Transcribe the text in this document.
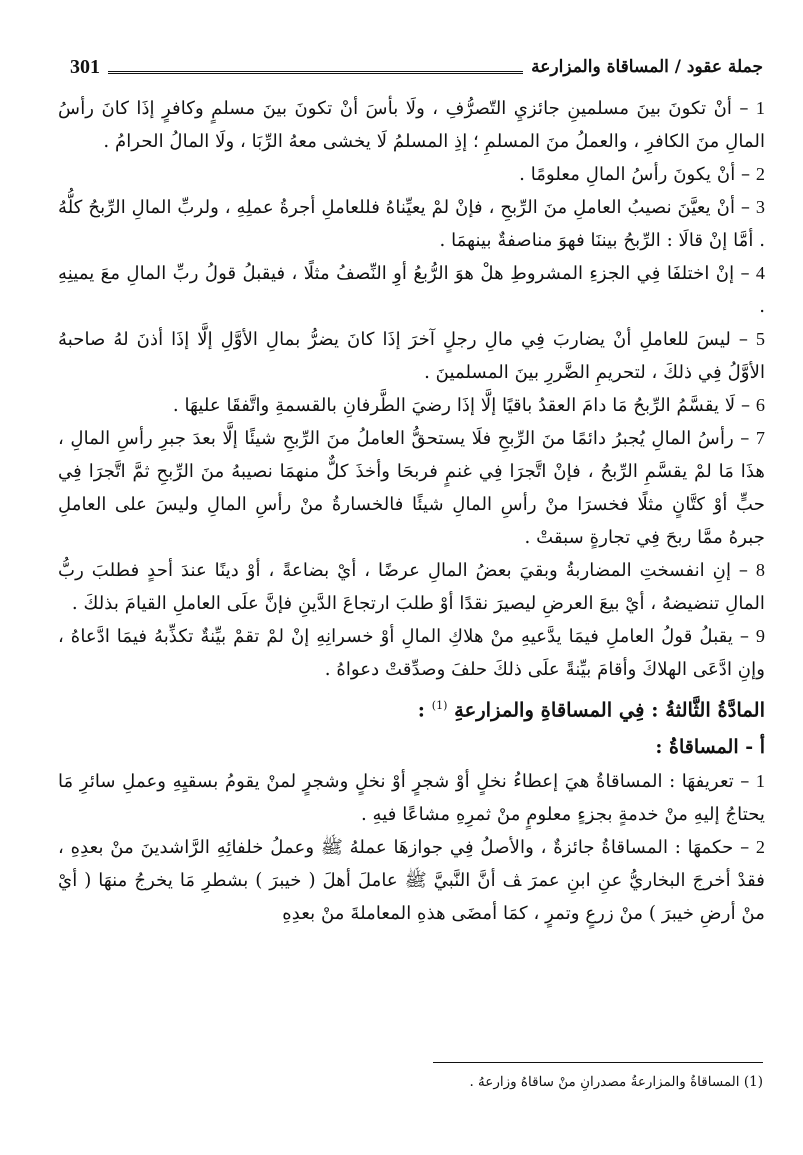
جملة عقود / المساقاة والمزارعة
301

1 – أنْ تكونَ بينَ مسلمينِ جائزيِ التّصرُّفِ ، ولَا بأسَ أنْ تكونَ بينَ مسلمٍ وكافرٍ إذَا كانَ رأسُ المالِ منَ الكافرِ ، والعملُ منَ المسلمِ ؛ إذِ المسلمُ لَا يخشى معهُ الرِّبَا ، ولَا المالُ الحرامُ .

2 – أنْ يكونَ رأسُ المالِ معلومًا .

3 – أنْ يعيَّنَ نصيبُ العاملِ منَ الرِّبحِ ، فإنْ لمْ يعيِّناهُ فللعاملِ أجرةُ عملِهِ ، ولربِّ المالِ الرِّبحُ كلُّهُ . أمَّا إنْ قالَا : الرِّبحُ بيننَا فهوَ مناصفةٌ بينهمَا .

4 – إنْ اختلفَا فِي الجزءِ المشروطِ هلْ هوَ الرُّبعُ أوِ النِّصفُ مثلًا ، فيقبلُ قولُ ربِّ المالِ معَ يمينِهِ .

5 – ليسَ للعاملِ أنْ يضاربَ فِي مالِ رجلٍ آخرَ إذَا كانَ يضرُّ بمالِ الأوَّلِ إلَّا إذَا أذنَ لهُ صاحبهُ الأوَّلُ فِي ذلكَ ، لتحريمِ الضَّررِ بينَ المسلمينَ .

6 – لَا يقسَّمُ الرِّبحُ مَا دامَ العقدُ باقيًا إلَّا إذَا رضيَ الطَّرفانِ بالقسمةِ واتَّفقَا عليهَا .

7 – رأسُ المالِ يُجبرُ دائمًا منَ الرِّبحِ فلَا يستحقُّ العاملُ منَ الرِّبحِ شيئًا إلَّا بعدَ جبرِ رأسِ المالِ ، هذَا مَا لمْ يقسَّمِ الرِّبحُ ، فإنْ اتَّجرَا فِي غنمٍ فربحَا وأخذَ كلٌّ منهمَا نصيبهُ منَ الرِّبحِ ثمَّ اتَّجرَا فِي حبٍّ أوْ كتَّانٍ مثلًا فخسرَا منْ رأسِ المالِ شيئًا فالخسارةُ منْ رأسِ المالِ وليسَ على العاملِ جبرهُ ممَّا ربحَ فِي تجارةٍ سبقتْ .

8 – إنِ انفسختِ المضاربةُ وبقيَ بعضُ المالِ عرضًا ، أيْ بضاعةً ، أوْ دينًا عندَ أحدٍ فطلبَ ربُّ المالِ تنضيضهُ ، أيْ بيعَ العرضِ ليصيرَ نقدًا أوْ طلبَ ارتجاعَ الدَّينِ فإنَّ علَى العاملِ القيامَ بذلكَ .

9 – يقبلُ قولُ العاملِ فيمَا يدَّعيهِ منْ هلاكِ المالِ أوْ خسرانِهِ إنْ لمْ تقمْ بيِّنةٌ تكذِّبهُ فيمَا ادَّعاهُ ، وإنِ ادَّعَى الهلاكَ وأقامَ بيِّنةً علَى ذلكَ حلفَ وصدِّقتْ دعواهُ .

المادَّةُ الثَّالثةُ : فِي المساقاةِ والمزارعةِ $^{(1)}$ :

أ - المساقاةُ :

1 – تعريفهَا : المساقاةُ هيَ إعطاءُ نخلٍ أوْ شجرٍ أوْ نخلٍ وشجرٍ لمنْ يقومُ بسقيِهِ وعملِ سائرِ مَا يحتاجُ إليهِ منْ خدمةٍ بجزءٍ معلومٍ منْ ثمرِهِ مشاعًا فيهِ .

2 – حكمهَا : المساقاةُ جائزةٌ ، والأصلُ فِي جوازهَا عملهُ ﷺ وعملُ خلفائِهِ الرَّاشدينَ منْ بعدِهِ ، فقدْ أخرجَ البخاريُّ عنِ ابنِ عمرَ ﭫ أنَّ النَّبيَّ ﷺ عاملَ أهلَ ( خيبرَ ) بشطرِ مَا يخرجُ منهَا ( أيْ منْ أرضِ خيبرَ ) منْ زرعٍ وتمرٍ ، كمَا أمضَى هذهِ المعاملةَ منْ بعدِهِ

(1) المساقاةُ والمزارعةُ مصدرانِ منْ ساقاهُ وزارعهُ .
